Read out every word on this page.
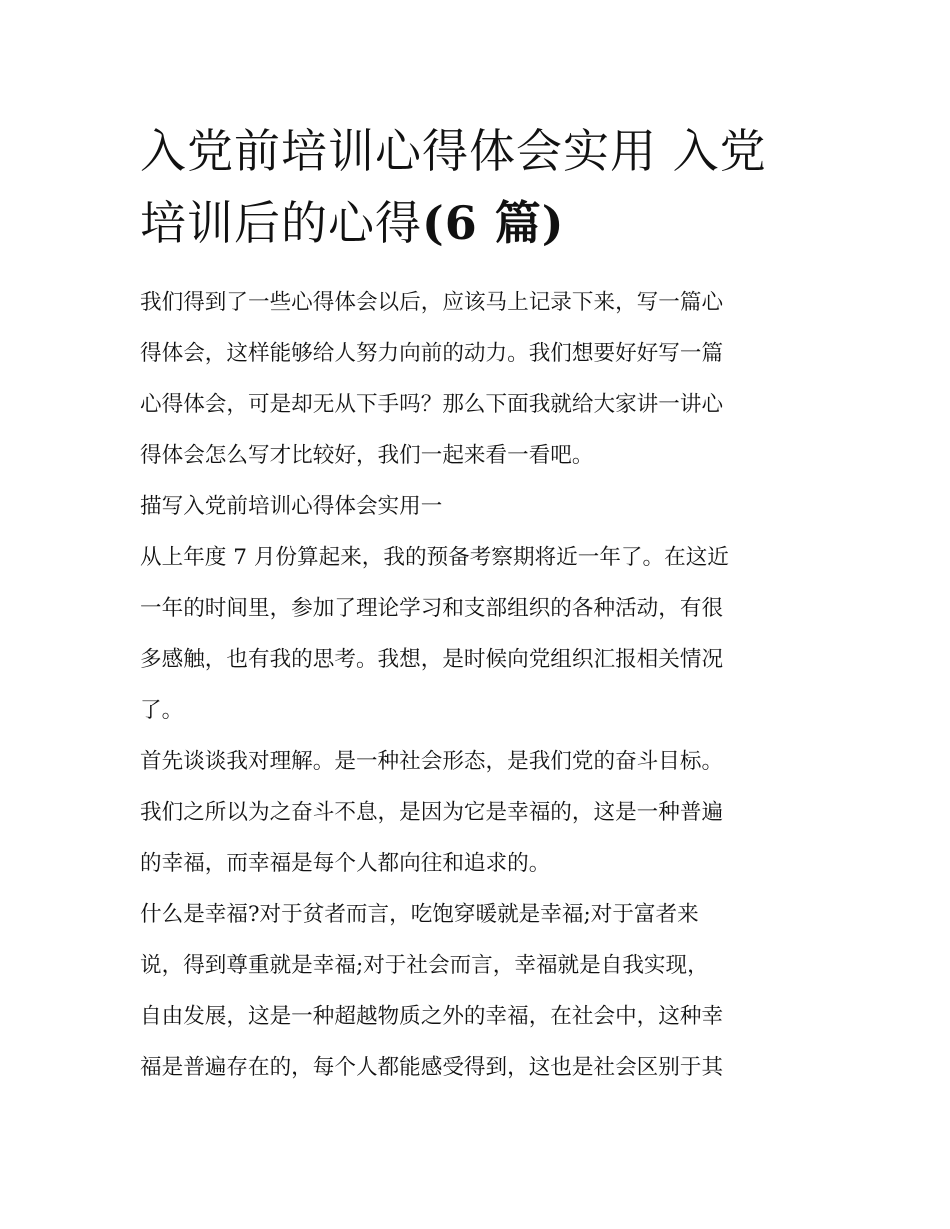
入党前培训心得体会实用 入党
培训后的心得(6 篇)

我们得到了一些心得体会以后，应该马上记录下来，写一篇心
得体会，这样能够给人努力向前的动力。我们想要好好写一篇
心得体会，可是却无从下手吗？那么下面我就给大家讲一讲心
得体会怎么写才比较好，我们一起来看一看吧。

描写入党前培训心得体会实用一

从上年度 7 月份算起来，我的预备考察期将近一年了。在这近
一年的时间里，参加了理论学习和支部组织的各种活动，有很
多感触，也有我的思考。我想，是时候向党组织汇报相关情况
了。

首先谈谈我对理解。是一种社会形态，是我们党的奋斗目标。
我们之所以为之奋斗不息，是因为它是幸福的，这是一种普遍
的幸福，而幸福是每个人都向往和追求的。

什么是幸福?对于贫者而言，吃饱穿暖就是幸福;对于富者来
说，得到尊重就是幸福;对于社会而言，幸福就是自我实现，
自由发展，这是一种超越物质之外的幸福，在社会中，这种幸
福是普遍存在的，每个人都能感受得到，这也是社会区别于其
